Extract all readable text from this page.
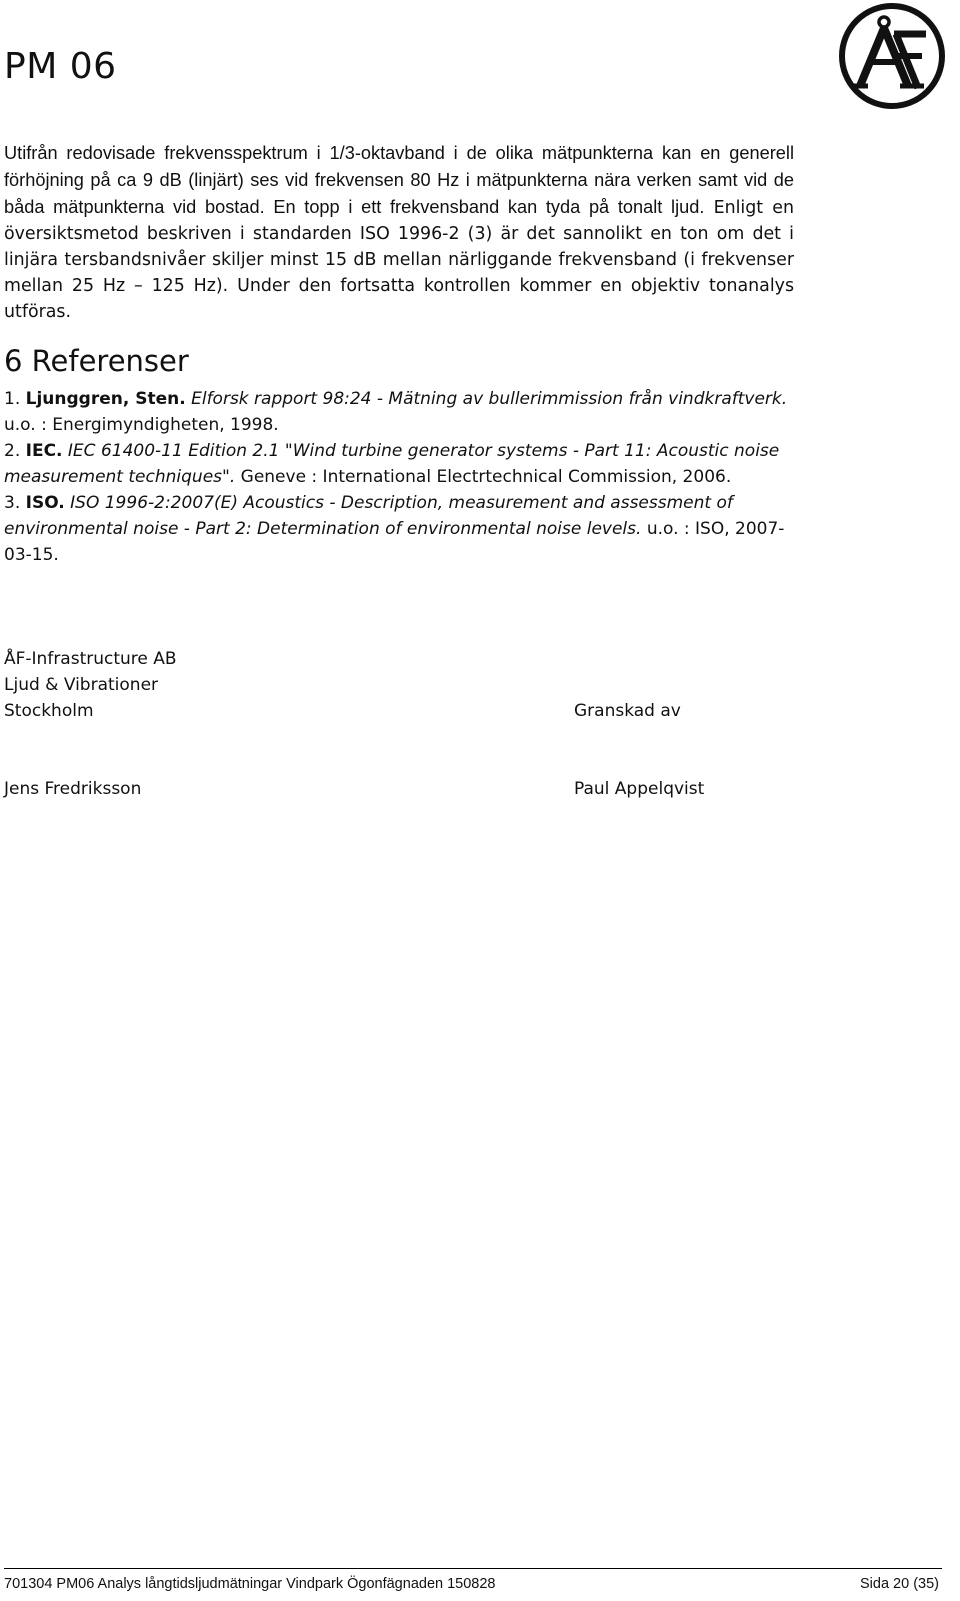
PM 06

Utifrån redovisade frekvensspektrum i 1/3-oktavband i de olika mätpunkterna kan en generell förhöjning på ca 9 dB (linjärt) ses vid frekvensen 80 Hz i mätpunkterna nära verken samt vid de båda mätpunkterna vid bostad. En topp i ett frekvensband kan tyda på tonalt ljud. Enligt en översiktsmetod beskriven i standarden ISO 1996-2 (3) är det sannolikt en ton om det i linjära tersbandsnivåer skiljer minst 15 dB mellan närliggande frekvensband (i frekvenser mellan 25 Hz – 125 Hz). Under den fortsatta kontrollen kommer en objektiv tonanalys utföras.

6 Referenser

1. Ljunggren, Sten. Elforsk rapport 98:24 - Mätning av bullerimmission från vindkraftverk. u.o. : Energimyndigheten, 1998.

2. IEC. IEC 61400-11 Edition 2.1 "Wind turbine generator systems - Part 11: Acoustic noise measurement techniques". Geneve : International Electrtechnical Commission, 2006.

3. ISO. ISO 1996-2:2007(E) Acoustics - Description, measurement and assessment of environmental noise - Part 2: Determination of environmental noise levels. u.o. : ISO, 2007-03-15.

ÅF-Infrastructure AB
Ljud & Vibrationer
Stockholm	Granskad av
Jens Fredriksson	Paul Appelqvist
701304 PM06 Analys långtidsljudmätningar Vindpark Ögonfägnaden 150828	Sida 20 (35)
